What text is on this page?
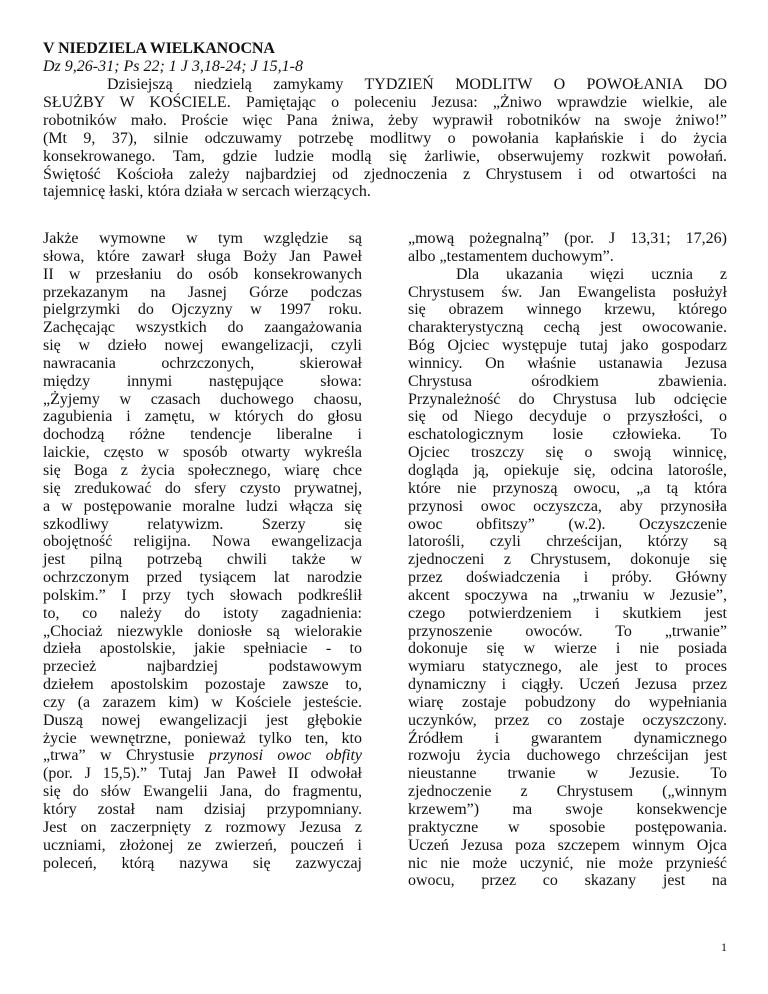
V NIEDZIELA WIELKANOCNA

Dz 9,26-31; Ps 22; 1 J 3,18-24; J 15,1-8

Dzisiejszą niedzielą zamykamy TYDZIEŃ MODLITW O POWOŁANIA DO
SŁUŻBY W KOŚCIELE. Pamiętając o poleceniu Jezusa: „Żniwo wprawdzie wielkie, ale
robotników mało. Proście więc Pana żniwa, żeby wyprawił robotników na swoje żniwo!”
(Mt 9, 37), silnie odczuwamy potrzebę modlitwy o powołania kapłańskie i do życia
konsekrowanego. Tam, gdzie ludzie modlą się żarliwie, obserwujemy rozkwit powołań.
Świętość Kościoła zależy najbardziej od zjednoczenia z Chrystusem i od otwartości na
tajemnicę łaski, która działa w sercach wierzących.
Jakże wymowne w tym względzie są
słowa, które zawarł sługa Boży Jan Paweł
II w przesłaniu do osób konsekrowanych
przekazanym na Jasnej Górze podczas
pielgrzymki do Ojczyzny w 1997 roku.
Zachęcając wszystkich do zaangażowania
się w dzieło nowej ewangelizacji, czyli
nawracania ochrzczonych, skierował
między innymi następujące słowa:
„Żyjemy w czasach duchowego chaosu,
zagubienia i zamętu, w których do głosu
dochodzą różne tendencje liberalne i
laickie, często w sposób otwarty wykreśla
się Boga z życia społecznego, wiarę chce
się zredukować do sfery czysto prywatnej,
a w postępowanie moralne ludzi włącza się
szkodliwy relatywizm. Szerzy się
obojętność religijna. Nowa ewangelizacja
jest pilną potrzebą chwili także w
ochrzczonym przed tysiącem lat narodzie
polskim.” I przy tych słowach podkreślił
to, co należy do istoty zagadnienia:
„Chociaż niezwykle doniosłe są wielorakie
dzieła apostolskie, jakie spełniacie - to
przecież najbardziej podstawowym
dziełem apostolskim pozostaje zawsze to,
czy (a zarazem kim) w Kościele jesteście.
Duszą nowej ewangelizacji jest głębokie
życie wewnętrzne, ponieważ tylko ten, kto
„trwa” w Chrystusie przynosi owoc obfity
(por. J 15,5).” Tutaj Jan Paweł II odwołał
się do słów Ewangelii Jana, do fragmentu,
który został nam dzisiaj przypomniany.
Jest on zaczerpnięty z rozmowy Jezusa z
uczniami, złożonej ze zwierzeń, pouczeń i
poleceń, którą nazywa się zazwyczaj
„mową pożegnalną” (por. J 13,31; 17,26)
albo „testamentem duchowym”.
Dla ukazania więzi ucznia z
Chrystusem św. Jan Ewangelista posłużył
się obrazem winnego krzewu, którego
charakterystyczną cechą jest owocowanie.
Bóg Ojciec występuje tutaj jako gospodarz
winnicy. On właśnie ustanawia Jezusa
Chrystusa ośrodkiem zbawienia.
Przynależność do Chrystusa lub odcięcie
się od Niego decyduje o przyszłości, o
eschatologicznym losie człowieka. To
Ojciec troszczy się o swoją winnicę,
dogląda ją, opiekuje się, odcina latorośle,
które nie przynoszą owocu, „a tą która
przynosi owoc oczyszcza, aby przynosiła
owoc obfitszy” (w.2). Oczyszczenie
latorośli, czyli chrześcijan, którzy są
zjednoczeni z Chrystusem, dokonuje się
przez doświadczenia i próby. Główny
akcent spoczywa na „trwaniu w Jezusie”,
czego potwierdzeniem i skutkiem jest
przynoszenie owoców. To „trwanie”
dokonuje się w wierze i nie posiada
wymiaru statycznego, ale jest to proces
dynamiczny i ciągły. Uczeń Jezusa przez
wiarę zostaje pobudzony do wypełniania
uczynków, przez co zostaje oczyszczony.
Źródłem i gwarantem dynamicznego
rozwoju życia duchowego chrześcijan jest
nieustanne trwanie w Jezusie. To
zjednoczenie z Chrystusem („winnym
krzewem”) ma swoje konsekwencje
praktyczne w sposobie postępowania.
Uczeń Jezusa poza szczepem winnym Ojca
nic nie może uczynić, nie może przynieść
owocu, przez co skazany jest na
1
